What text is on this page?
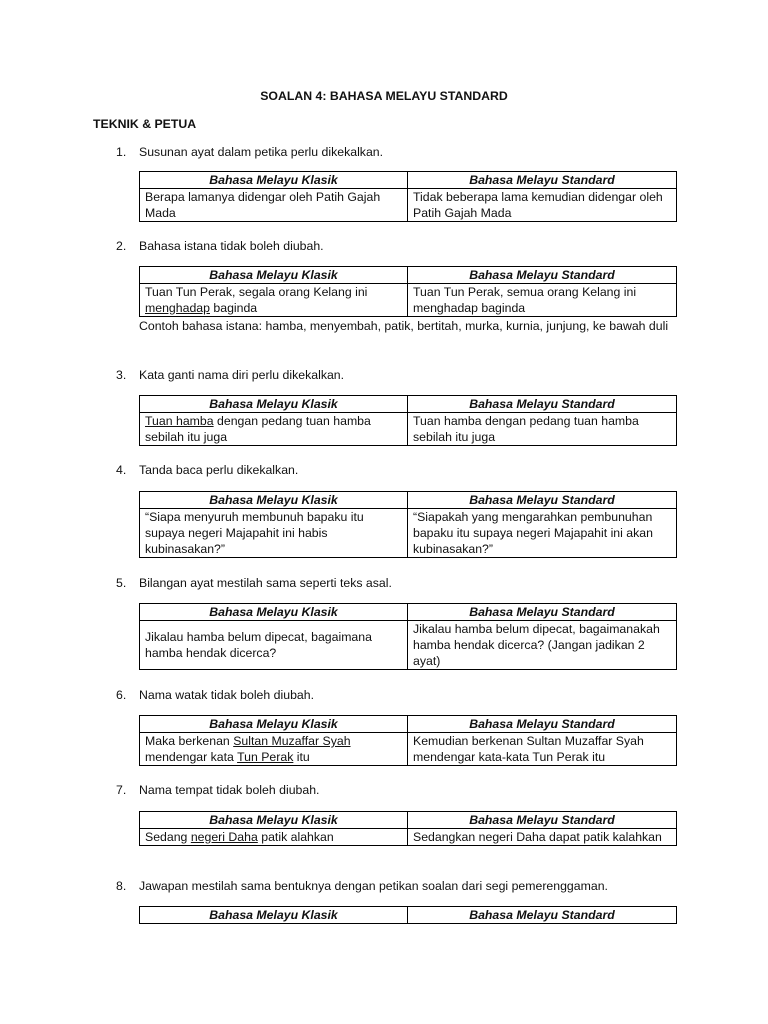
SOALAN 4: BAHASA MELAYU STANDARD
TEKNIK & PETUA
1. Susunan ayat dalam petika perlu dikekalkan.
Bahasa Melayu Klasik	Bahasa Melayu Standard
Berapa lamanya didengar oleh Patih Gajah Mada	Tidak beberapa lama kemudian didengar oleh Patih Gajah Mada
2. Bahasa istana tidak boleh diubah.
Bahasa Melayu Klasik	Bahasa Melayu Standard
Tuan Tun Perak, segala orang Kelang ini menghadap baginda	Tuan Tun Perak, semua orang Kelang ini menghadap baginda
Contoh bahasa istana: hamba, menyembah, patik, bertitah, murka, kurnia, junjung, ke bawah duli
3. Kata ganti nama diri perlu dikekalkan.
Bahasa Melayu Klasik	Bahasa Melayu Standard
Tuan hamba dengan pedang tuan hamba sebilah itu juga	Tuan hamba dengan pedang tuan hamba sebilah itu juga
4. Tanda baca perlu dikekalkan.
Bahasa Melayu Klasik	Bahasa Melayu Standard
“Siapa menyuruh membunuh bapaku itu supaya negeri Majapahit ini habis kubinasakan?”	“Siapakah yang mengarahkan pembunuhan bapaku itu supaya negeri Majapahit ini akan kubinasakan?”
5. Bilangan ayat mestilah sama seperti teks asal.
Bahasa Melayu Klasik	Bahasa Melayu Standard
Jikalau hamba belum dipecat, bagaimana hamba hendak dicerca?	Jikalau hamba belum dipecat, bagaimanakah hamba hendak dicerca? (Jangan jadikan 2 ayat)
6. Nama watak tidak boleh diubah.
Bahasa Melayu Klasik	Bahasa Melayu Standard
Maka berkenan Sultan Muzaffar Syah mendengar kata Tun Perak itu	Kemudian berkenan Sultan Muzaffar Syah mendengar kata-kata Tun Perak itu
7. Nama tempat tidak boleh diubah.
Bahasa Melayu Klasik	Bahasa Melayu Standard
Sedang negeri Daha patik alahkan	Sedangkan negeri Daha dapat patik kalahkan
8. Jawapan mestilah sama bentuknya dengan petikan soalan dari segi pemerenggaman.
Bahasa Melayu Klasik	Bahasa Melayu Standard
